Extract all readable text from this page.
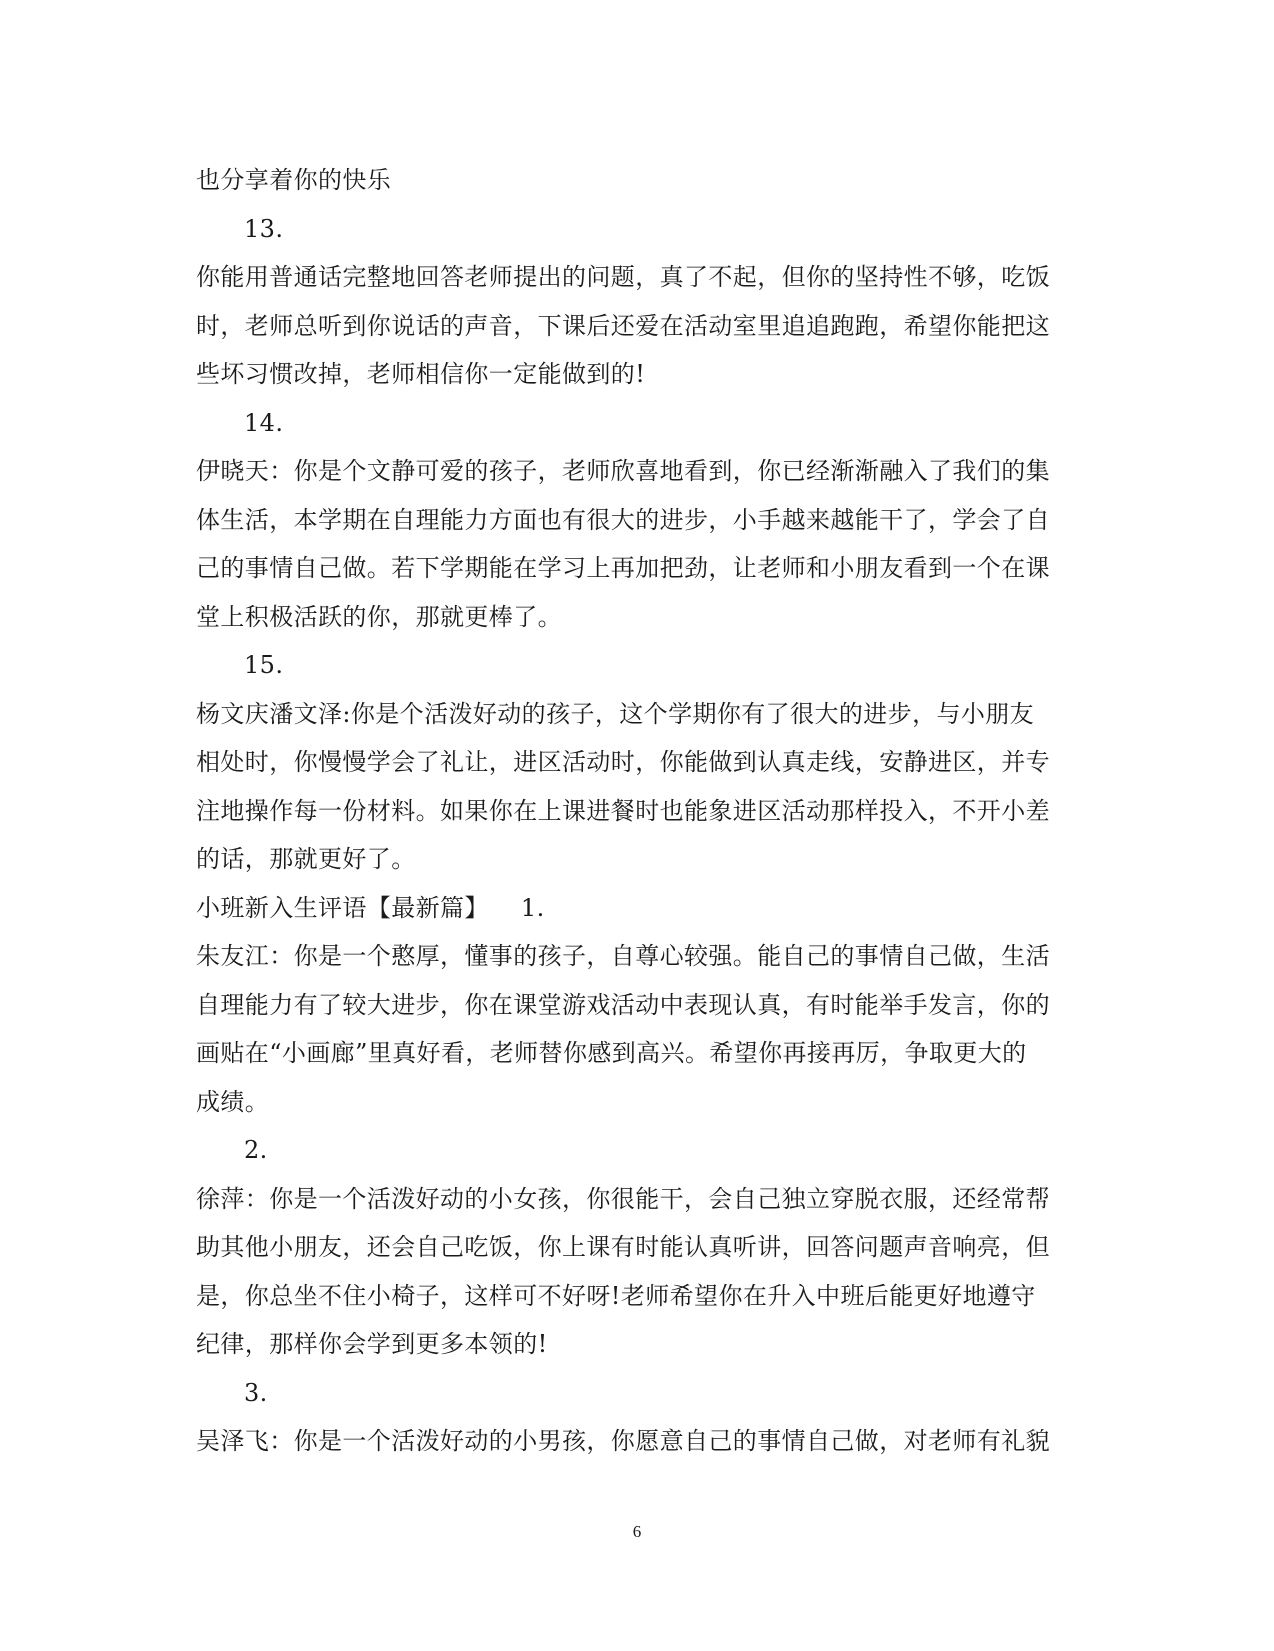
也分享着你的快乐
13.
你能用普通话完整地回答老师提出的问题，真了不起，但你的坚持性不够，吃饭
时，老师总听到你说话的声音，下课后还爱在活动室里追追跑跑，希望你能把这
些坏习惯改掉，老师相信你一定能做到的!
14.
伊晓天：你是个文静可爱的孩子，老师欣喜地看到，你已经渐渐融入了我们的集
体生活，本学期在自理能力方面也有很大的进步，小手越来越能干了，学会了自
己的事情自己做。若下学期能在学习上再加把劲，让老师和小朋友看到一个在课
堂上积极活跃的你，那就更棒了。
15.
杨文庆潘文泽:你是个活泼好动的孩子，这个学期你有了很大的进步，与小朋友
相处时，你慢慢学会了礼让，进区活动时，你能做到认真走线，安静进区，并专
注地操作每一份材料。如果你在上课进餐时也能象进区活动那样投入，不开小差
的话，那就更好了。
小班新入生评语【最新篇】    1.
朱友江：你是一个憨厚，懂事的孩子，自尊心较强。能自己的事情自己做，生活
自理能力有了较大进步，你在课堂游戏活动中表现认真，有时能举手发言，你的
画贴在“小画廊”里真好看，老师替你感到高兴。希望你再接再厉，争取更大的
成绩。
2.
徐萍：你是一个活泼好动的小女孩，你很能干，会自己独立穿脱衣服，还经常帮
助其他小朋友，还会自己吃饭，你上课有时能认真听讲，回答问题声音响亮，但
是，你总坐不住小椅子，这样可不好呀!老师希望你在升入中班后能更好地遵守
纪律，那样你会学到更多本领的!
3.
吴泽飞：你是一个活泼好动的小男孩，你愿意自己的事情自己做，对老师有礼貌
6
